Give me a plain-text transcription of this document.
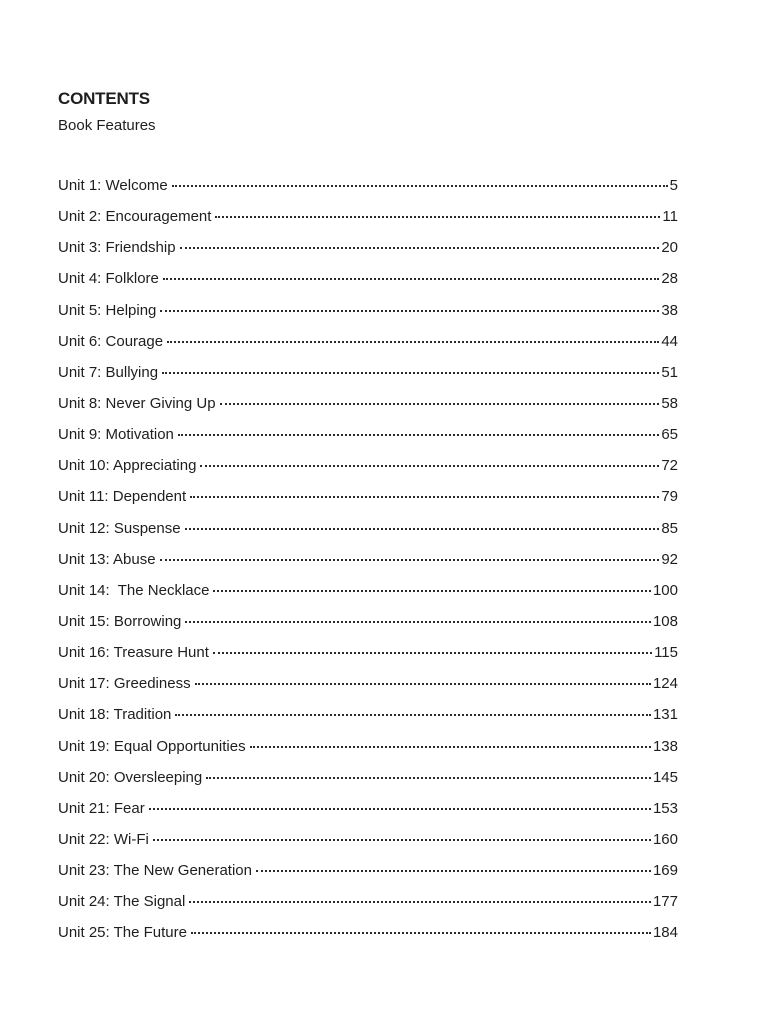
CONTENTS
Book Features
Unit 1: Welcome	5
Unit 2: Encouragement	11
Unit 3: Friendship	20
Unit 4: Folklore	28
Unit 5: Helping	38
Unit 6: Courage	44
Unit 7: Bullying	51
Unit 8: Never Giving Up	58
Unit 9: Motivation	65
Unit 10: Appreciating	72
Unit 11: Dependent	79
Unit 12: Suspense	85
Unit 13: Abuse	92
Unit 14:  The Necklace	100
Unit 15: Borrowing	108
Unit 16: Treasure Hunt	115
Unit 17: Greediness	124
Unit 18: Tradition	131
Unit 19: Equal Opportunities	138
Unit 20: Oversleeping	145
Unit 21: Fear	153
Unit 22: Wi-Fi	160
Unit 23: The New Generation	169
Unit 24: The Signal	177
Unit 25: The Future	184
